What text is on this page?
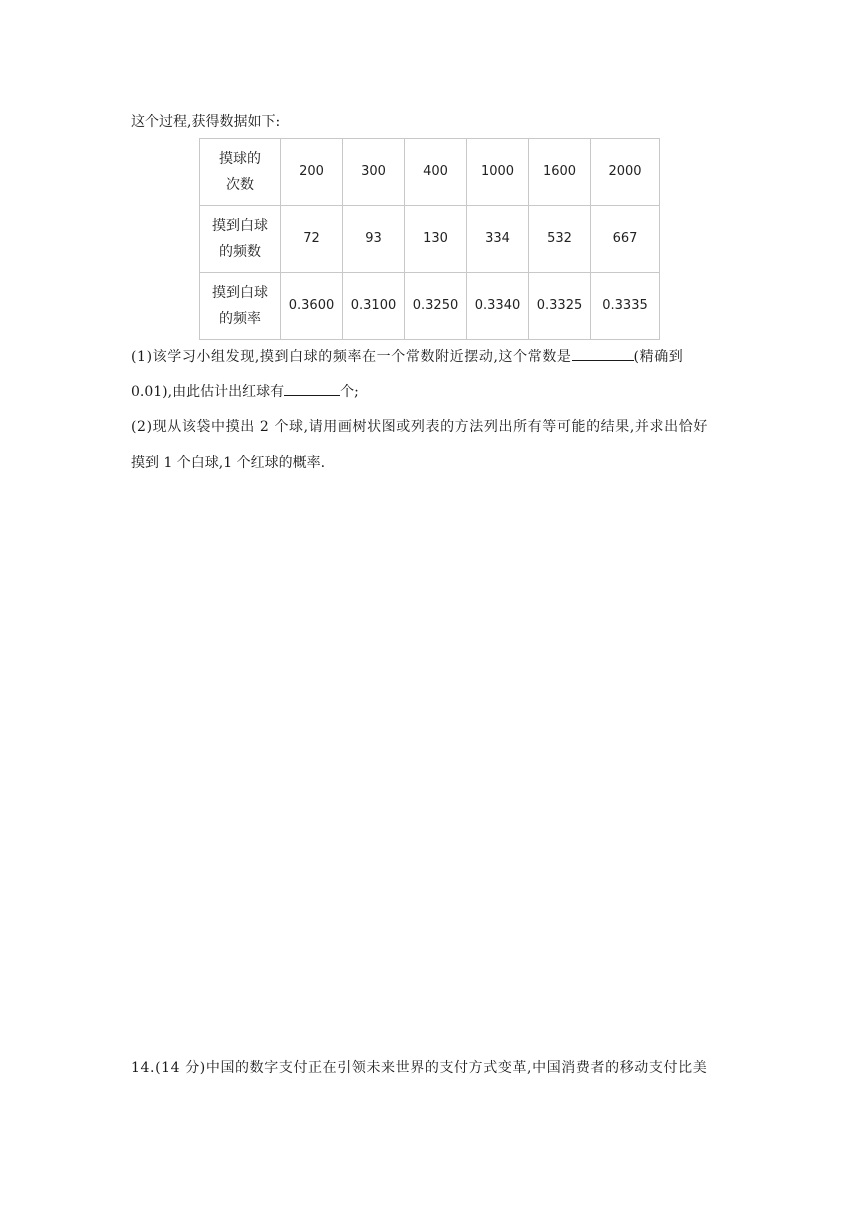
这个过程,获得数据如下:
摸球的
次数	200	300	400	1000	1600	2000

摸到白球
的频数	72	93	130	334	532	667

摸到白球
的频率	0.3600	0.3100	0.3250	0.3340	0.3325	0.3335
(1)该学习小组发现,摸到白球的频率在一个常数附近摆动,这个常数是	(精确到
0.01),由此估计出红球有	个;
(2)现从该袋中摸出 2 个球,请用画树状图或列表的方法列出所有等可能的结果,并求出恰好
摸到 1 个白球,1 个红球的概率.
14.(14 分)中国的数字支付正在引领未来世界的支付方式变革,中国消费者的移动支付比美
